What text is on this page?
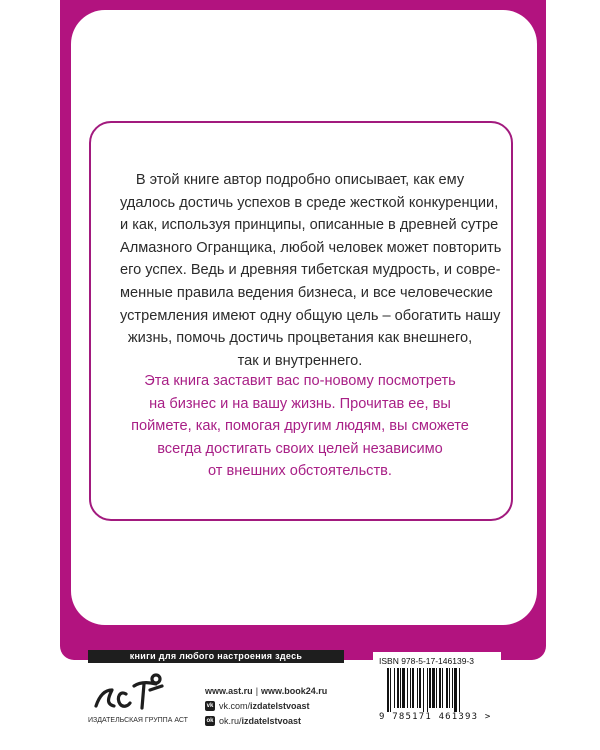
В этой книге автор подробно описывает, как ему
удалось достичь успехов в среде жесткой конкуренции,
и как, используя принципы, описанные в древней сутре
Алмазного Огранщика, любой человек может повторить
его успех. Ведь и древняя тибетская мудрость, и совре-
менные правила ведения бизнеса, и все человеческие
устремления имеют одну общую цель – обогатить нашу
жизнь, помочь достичь процветания как внешнего,
так и внутреннего.
Эта книга заставит вас по-новому посмотреть
на бизнес и на вашу жизнь. Прочитав ее, вы
поймете, как, помогая другим людям, вы сможете
всегда достигать своих целей независимо
от внешних обстоятельств.
книги для любого настроения здесь
ИЗДАТЕЛЬСКАЯ ГРУППА АСТ
www.ast.ru | www.book24.ru
vk vk.com/ izdatelstvoast
ok ok.ru/ izdatelstvoast
ISBN 978-5-17-146139-3
9 785171 461393 >
